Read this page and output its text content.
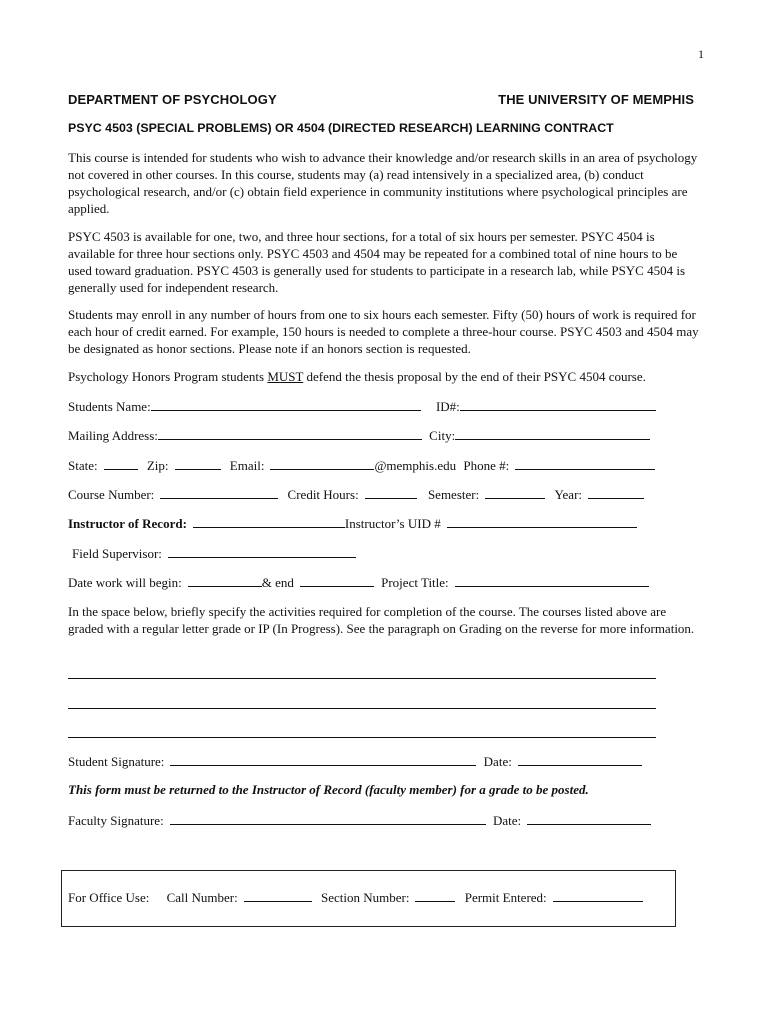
1
DEPARTMENT OF PSYCHOLOGY	THE UNIVERSITY OF MEMPHIS
PSYC 4503 (SPECIAL PROBLEMS) OR 4504 (DIRECTED RESEARCH) LEARNING CONTRACT

This course is intended for students who wish to advance their knowledge and/or research skills in an area of psychology not covered in other courses. In this course, students may (a) read intensively in a specialized area, (b) conduct psychological research, and/or (c) obtain field experience in community institutions where psychological principles are applied.

PSYC 4503 is available for one, two, and three hour sections, for a total of six hours per semester. PSYC 4504 is available for three hour sections only. PSYC 4503 and 4504 may be repeated for a combined total of nine hours to be used toward graduation. PSYC 4503 is generally used for students to participate in a research lab, while PSYC 4504 is generally used for independent research.

Students may enroll in any number of hours from one to six hours each semester. Fifty (50) hours of work is required for each hour of credit earned. For example, 150 hours is needed to complete a three-hour course. PSYC 4503 and 4504 may be designated as honor sections. Please note if an honors section is requested.

Psychology Honors Program students MUST defend the thesis proposal by the end of their PSYC 4504 course.

Students Name:	ID#:
Mailing Address:	City:
State:	Zip:	Email:	@memphis.edu Phone #:
Course Number:	Credit Hours:	Semester:	Year:
Instructor of Record:	Instructor’s UID #
Field Supervisor:
Date work will begin:	& end	Project Title:

In the space below, briefly specify the activities required for completion of the course. The courses listed above are graded with a regular letter grade or IP (In Progress). See the paragraph on Grading on the reverse for more information.

Student Signature:	Date:
This form must be returned to the Instructor of Record (faculty member) for a grade to be posted.
Faculty Signature:	Date:
For Office Use: Call Number:	Section Number:	Permit Entered:
